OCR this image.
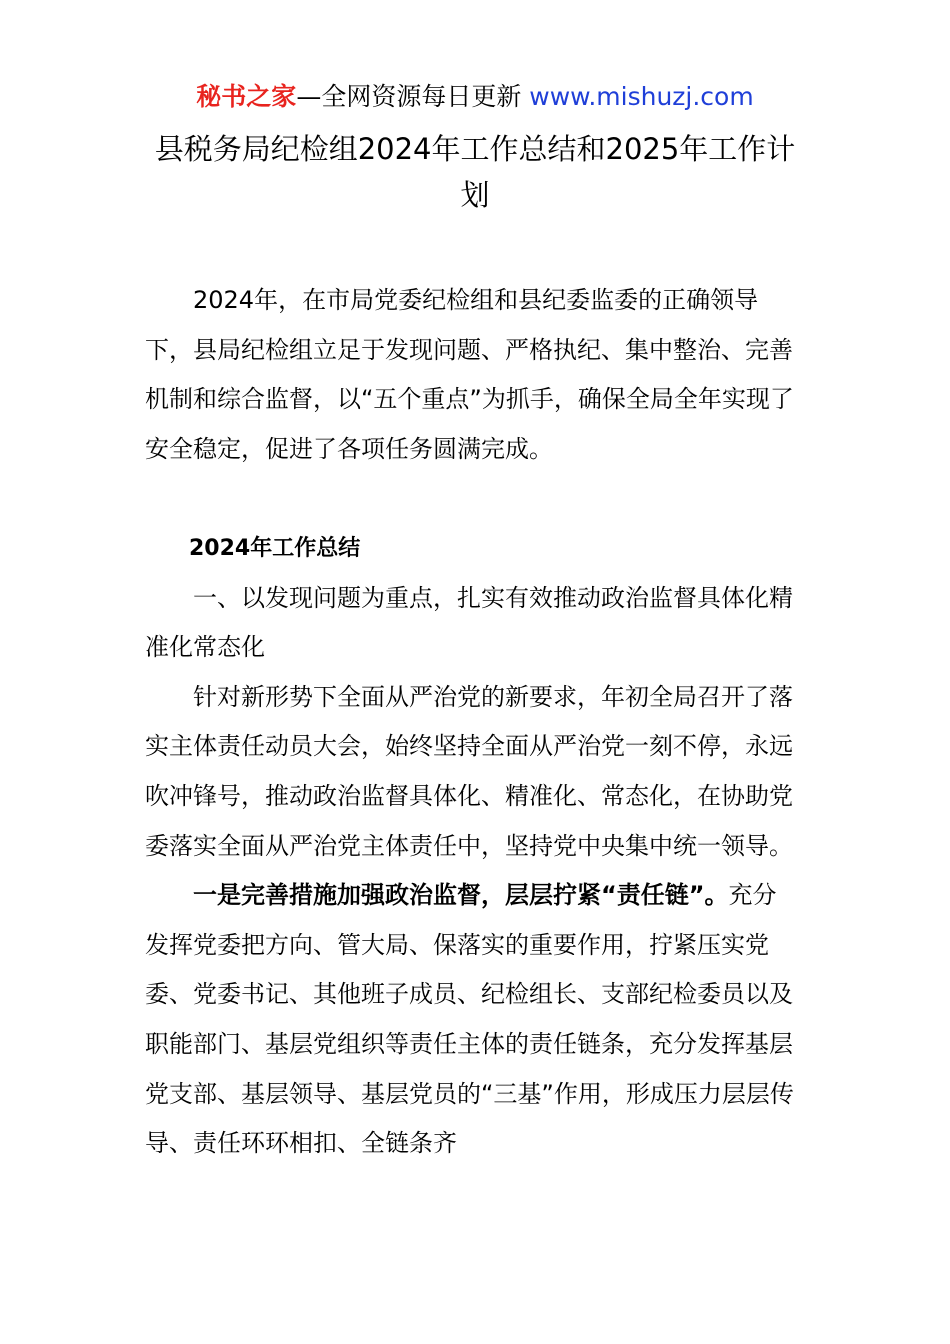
秘书之家—全网资源每日更新 www.mishuzj.com
县税务局纪检组2024年工作总结和2025年工作计划

2024年，在市局党委纪检组和县纪委监委的正确领导下，县局纪检组立足于发现问题、严格执纪、集中整治、完善机制和综合监督，以“五个重点”为抓手，确保全局全年实现了安全稳定，促进了各项任务圆满完成。

2024年工作总结

一、以发现问题为重点，扎实有效推动政治监督具体化精准化常态化

针对新形势下全面从严治党的新要求，年初全局召开了落实主体责任动员大会，始终坚持全面从严治党一刻不停，永远吹冲锋号，推动政治监督具体化、精准化、常态化，在协助党委落实全面从严治党主体责任中，坚持党中央集中统一领导。

一是完善措施加强政治监督，层层拧紧“责任链”。充分发挥党委把方向、管大局、保落实的重要作用，拧紧压实党委、党委书记、其他班子成员、纪检组长、支部纪检委员以及职能部门、基层党组织等责任主体的责任链条，充分发挥基层党支部、基层领导、基层党员的“三基”作用，形成压力层层传导、责任环环相扣、全链条齐
